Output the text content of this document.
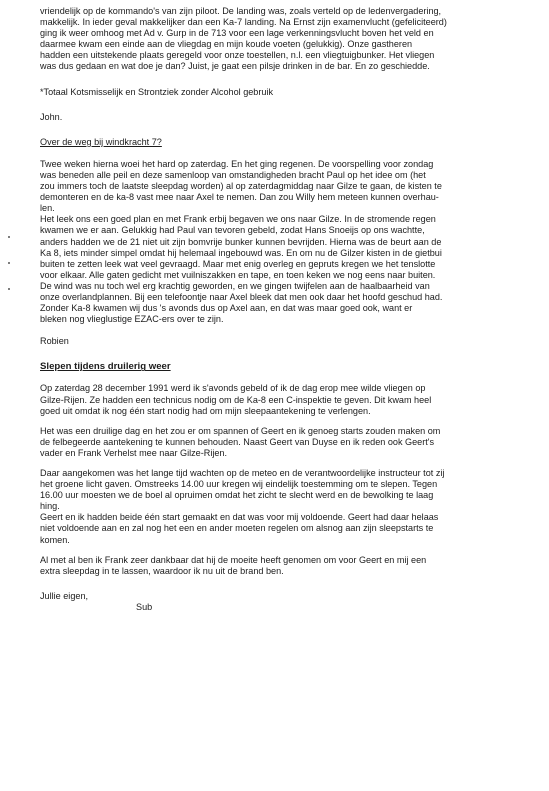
vriendelijk op de kommando's van zijn piloot. De landing was, zoals verteld op de ledenvergadering,
makkelijk. In ieder geval makkelijker dan een Ka-7 landing. Na Ernst zijn examenvlucht (gefeliciteerd)
ging ik weer omhoog met Ad v. Gurp in de 713 voor een lage verkenningsvlucht boven het veld en
daarmee kwam een einde aan de vliegdag en mijn koude voeten (gelukkig). Onze gastheren
hadden een uitstekende plaats geregeld voor onze toestellen, n.l. een vliegtuigbunker. Het vliegen
was dus gedaan en wat doe je dan? Juist, je gaat een pilsje drinken in de bar. En zo geschiedde.

*Totaal Kotsmisselijk en Strontziek zonder Alcohol gebruik

John.

Over de weg bij windkracht 7?

Twee weken hierna woei het hard op zaterdag. En het ging regenen. De voorspelling voor zondag
was beneden alle peil en deze samenloop van omstandigheden bracht Paul op het idee om (het
zou immers toch de laatste sleepdag worden) al op zaterdagmiddag naar Gilze te gaan, de kisten te
demonteren en de ka-8 vast mee naar Axel te nemen. Dan zou Willy hem meteen kunnen overhau-
len.

Het leek ons een goed plan en met Frank erbij begaven we ons naar Gilze. In de stromende regen
kwamen we er aan. Gelukkig had Paul van tevoren gebeld, zodat Hans Snoeijs op ons wachtte,
anders hadden we de 21 niet uit zijn bomvrije bunker kunnen bevrijden. Hierna was de beurt aan de
Ka 8, iets minder simpel omdat hij helemaal ingebouwd was. En om nu de Gilzer kisten in de gietbui
buiten te zetten leek wat veel gevraagd. Maar met enig overleg en gepruts kregen we het tenslotte
voor elkaar. Alle gaten gedicht met vuilniszakken en tape, en toen keken we nog eens naar buiten.
De wind was nu toch wel erg krachtig geworden, en we gingen twijfelen aan de haalbaarheid van
onze overlandplannen. Bij een telefoontje naar Axel bleek dat men ook daar het hoofd geschud had.
Zonder Ka-8 kwamen wij dus 's avonds dus op Axel aan, en dat was maar goed ook, want er
bleken nog vlieglustige EZAC-ers over te zijn.

Robien

Slepen tijdens druilerig weer

Op zaterdag 28 december 1991 werd ik s'avonds gebeld of ik de dag erop mee wilde vliegen op
Gilze-Rijen. Ze hadden een technicus nodig om de Ka-8 een C-inspektie te geven. Dit kwam heel
goed uit omdat ik nog één start nodig had om mijn sleepaantekening te verlengen.

Het was een druilige dag en het zou er om spannen of Geert en ik genoeg starts zouden maken om
de felbegeerde aantekening te kunnen behouden. Naast Geert van Duyse en ik reden ook Geert's
vader en Frank Verhelst mee naar Gilze-Rijen.

Daar aangekomen was het lange tijd wachten op de meteo en de verantwoordelijke instructeur tot zij
het groene licht gaven. Omstreeks 14.00 uur kregen wij eindelijk toestemming om te slepen. Tegen
16.00 uur moesten we de boel al opruimen omdat het zicht te slecht werd en de bewolking te laag
hing.

Geert en ik hadden beide één start gemaakt en dat was voor mij voldoende. Geert had daar helaas
niet voldoende aan en zal nog het een en ander moeten regelen om alsnog aan zijn sleepstarts te
komen.

Al met al ben ik Frank zeer dankbaar dat hij de moeite heeft genomen om voor Geert en mij een
extra sleepdag in te lassen, waardoor ik nu uit de brand ben.

Jullie eigen,

Sub
